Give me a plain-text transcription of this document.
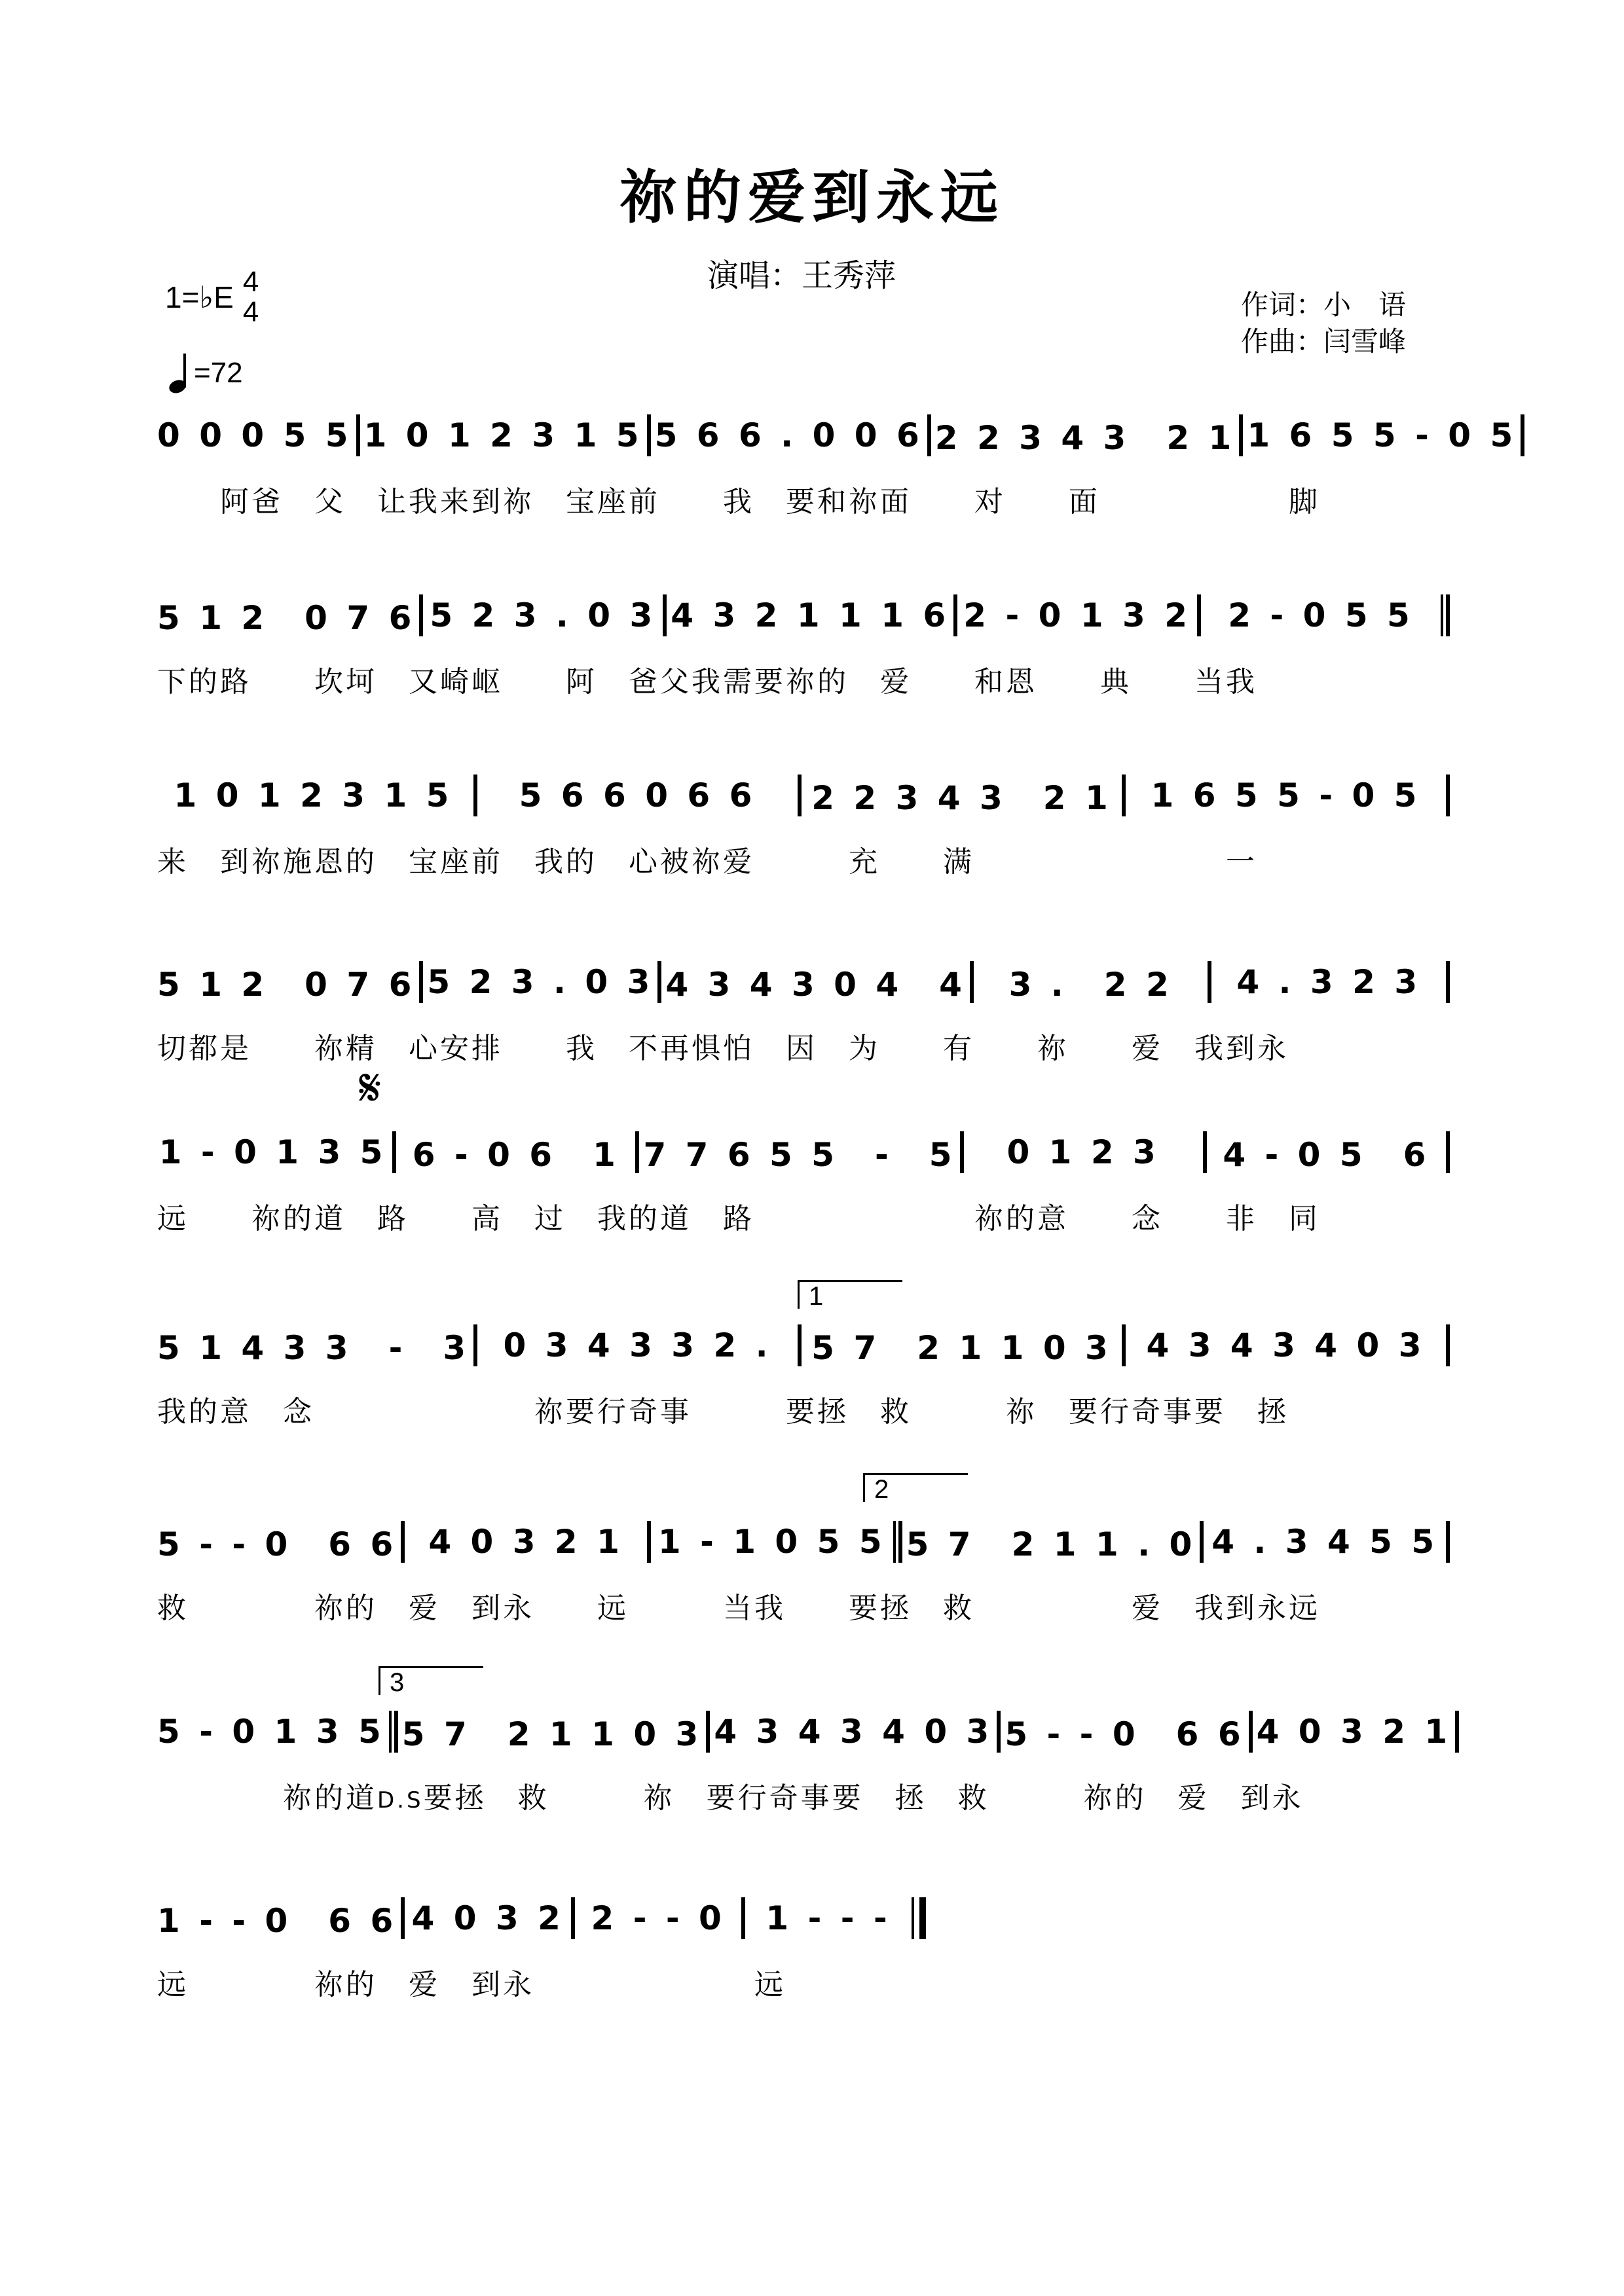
祢的爱到永远
演唱：王秀萍
作词：小　语
作曲：闫雪峰
1=♭E 4
4
=72
0 0 0 5 5 1 0 1 2 3 1 5 5 6 6 . 0 0 6 2 2 3 4 3　2 1 1 6 5 5 - 0 5
　　阿爸　父　让我来到祢　宝座前　　我　要和祢面　　对　　面　　　　　　脚
5 1 2　0 7 6 5 2 3 . 0 3 4 3 2 1 1 1 6 2 - 0 1 3 2	2 - 0 5 5
下的路　　坎坷　又崎岖　　阿　爸父我需要祢的　爱　　和恩　　典　　当我
1 0 1 2 3 1 5	5 6 6 0 6 6	2 2 3 4 3　2 1	1 6 5 5 - 0 5
来　到祢施恩的　宝座前　我的　心被祢爱　　　充　　满　　　　　　　　一
5 1 2　0 7 6 5 2 3 . 0 3 4 3 4 3 0 4　4	3 .　2 2	4 . 3 2 3
切都是　　祢精　心安排　　我　不再惧怕　因　为　　有　　祢　　爱　我到永
𝄋
1 - 0 1 3 5 6 - 0 6　1 7 7 6 5 5　-　5	0 1 2 3	4 - 0 5　6
远　　祢的道　路　　高　过　我的道　路　　　　　　　祢的意　　念　　非　同
1
5 1 4 3 3　-　3	0 3 4 3 3 2 .	5 7　2 1 1 0 3	4 3 4 3 4 0 3
我的意　念　　　　　　　祢要行奇事　　　要拯　救　　　祢　要行奇事要　拯
2
5 - - 0　6 6 4 0 3 2 1	1 - 1 0 5 5 5 7　2 1 1 . 0 4 . 3 4 5 5
救　　　　祢的　爱　到永　　远　　　当我　　要拯　救　　　　　爱　我到永远
3
5 - 0 1 3 5 5 7　2 1 1 0 3 4 3 4 3 4 0 3 5 - - 0　6 6 4 0 3 2 1
　　　　祢的道D.S要拯　救　　　祢　要行奇事要　拯　救　　　祢的　爱　到永
1 - - 0　6 6 4 0 3 2 2 - - 0	1 - - -
远　　　　祢的　爱　到永　　　　　　　远
